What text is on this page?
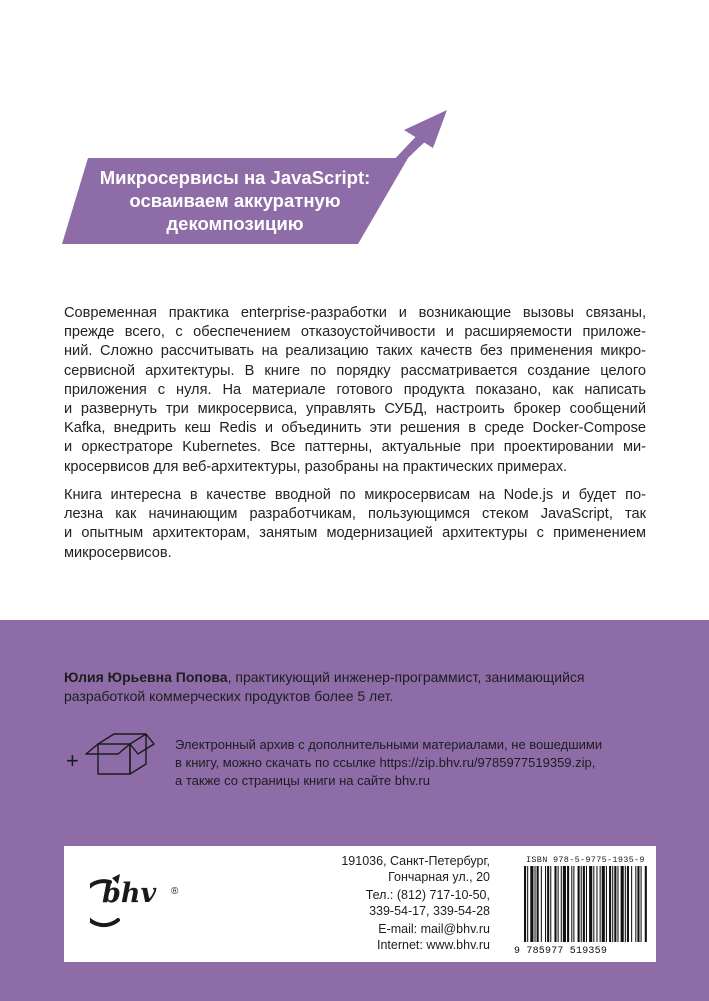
Микросервисы на JavaScript:
осваиваем аккуратную
декомпозицию
Современная практика enterprise-разработки и возникающие вызовы связаны,
прежде всего, с обеспечением отказоустойчивости и расширяемости приложе-
ний. Сложно рассчитывать на реализацию таких качеств без применения микро-
сервисной архитектуры. В книге по порядку рассматривается создание целого
приложения с нуля. На материале готового продукта показано, как написать
и развернуть три микросервиса, управлять СУБД, настроить брокер сообщений
Kafka, внедрить кеш Redis и объединить эти решения в среде Docker-Compose
и оркестраторе Kubernetes. Все паттерны, актуальные при проектировании ми-
кросервисов для веб-архитектуры, разобраны на практических примерах.
Книга интересна в качестве вводной по микросервисам на Node.js и будет по-
лезна как начинающим разработчикам, пользующимся стеком JavaScript, так
и опытным архитекторам, занятым модернизацией архитектуры с применением
микросервисов.
Юлия Юрьевна Попова, практикующий инженер-программист, занимающийся
разработкой коммерческих продуктов более 5 лет.
+
Электронный архив с дополнительными материалами, не вошедшими
в книгу, можно скачать по ссылке https://zip.bhv.ru/9785977519359.zip,
а также со страницы книги на сайте bhv.ru
bhv ®
191036, Санкт-Петербург,
Гончарная ул., 20
Тел.: (812) 717-10-50,
339-54-17, 339-54-28
E-mail: mail@bhv.ru
Internet: www.bhv.ru
ISBN 978-5-9775-1935-9
9 785977 519359
